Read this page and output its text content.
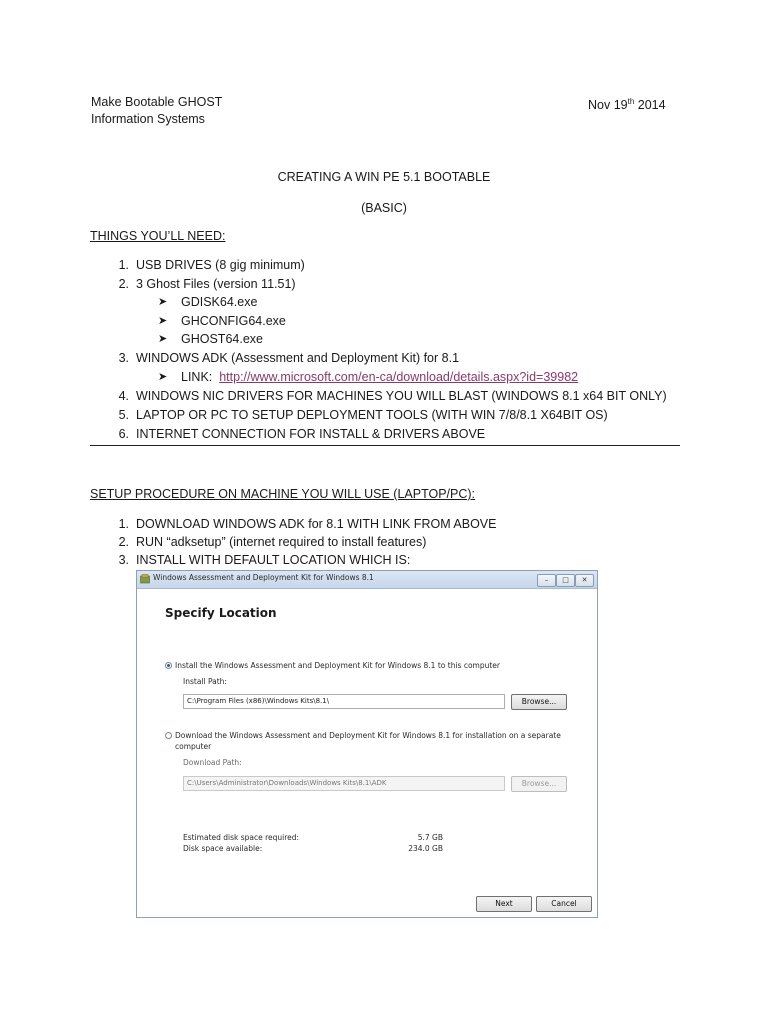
Make Bootable GHOST
Information Systems
Nov 19th 2014
CREATING A WIN PE 5.1 BOOTABLE
(BASIC)
THINGS YOU’LL NEED:
1. USB DRIVES (8 gig minimum)
2. 3 Ghost Files (version 11.51)
➤ GDISK64.exe
➤ GHCONFIG64.exe
➤ GHOST64.exe
3. WINDOWS ADK (Assessment and Deployment Kit) for 8.1
➤ LINK: http://www.microsoft.com/en-ca/download/details.aspx?id=39982
4. WINDOWS NIC DRIVERS FOR MACHINES YOU WILL BLAST (WINDOWS 8.1 x64 BIT ONLY)
5. LAPTOP OR PC TO SETUP DEPLOYMENT TOOLS (WITH WIN 7/8/8.1 X64BIT OS)
6. INTERNET CONNECTION FOR INSTALL & DRIVERS ABOVE
SETUP PROCEDURE ON MACHINE YOU WILL USE (LAPTOP/PC):
1. DOWNLOAD WINDOWS ADK for 8.1 WITH LINK FROM ABOVE
2. RUN “adksetup” (internet required to install features)
3. INSTALL WITH DEFAULT LOCATION WHICH IS:
Windows Assessment and Deployment Kit for Windows 8.1	–	□	✕
Specify Location
Install the Windows Assessment and Deployment Kit for Windows 8.1 to this computer
Install Path:
C:\Program Files (x86)\Windows Kits\8.1\	Browse...
Download the Windows Assessment and Deployment Kit for Windows 8.1 for installation on a separate
computer
Download Path:
C:\Users\Administrator\Downloads\Windows Kits\8.1\ADK	Browse...
Estimated disk space required:	5.7 GB
Disk space available:	234.0 GB
Next	Cancel
